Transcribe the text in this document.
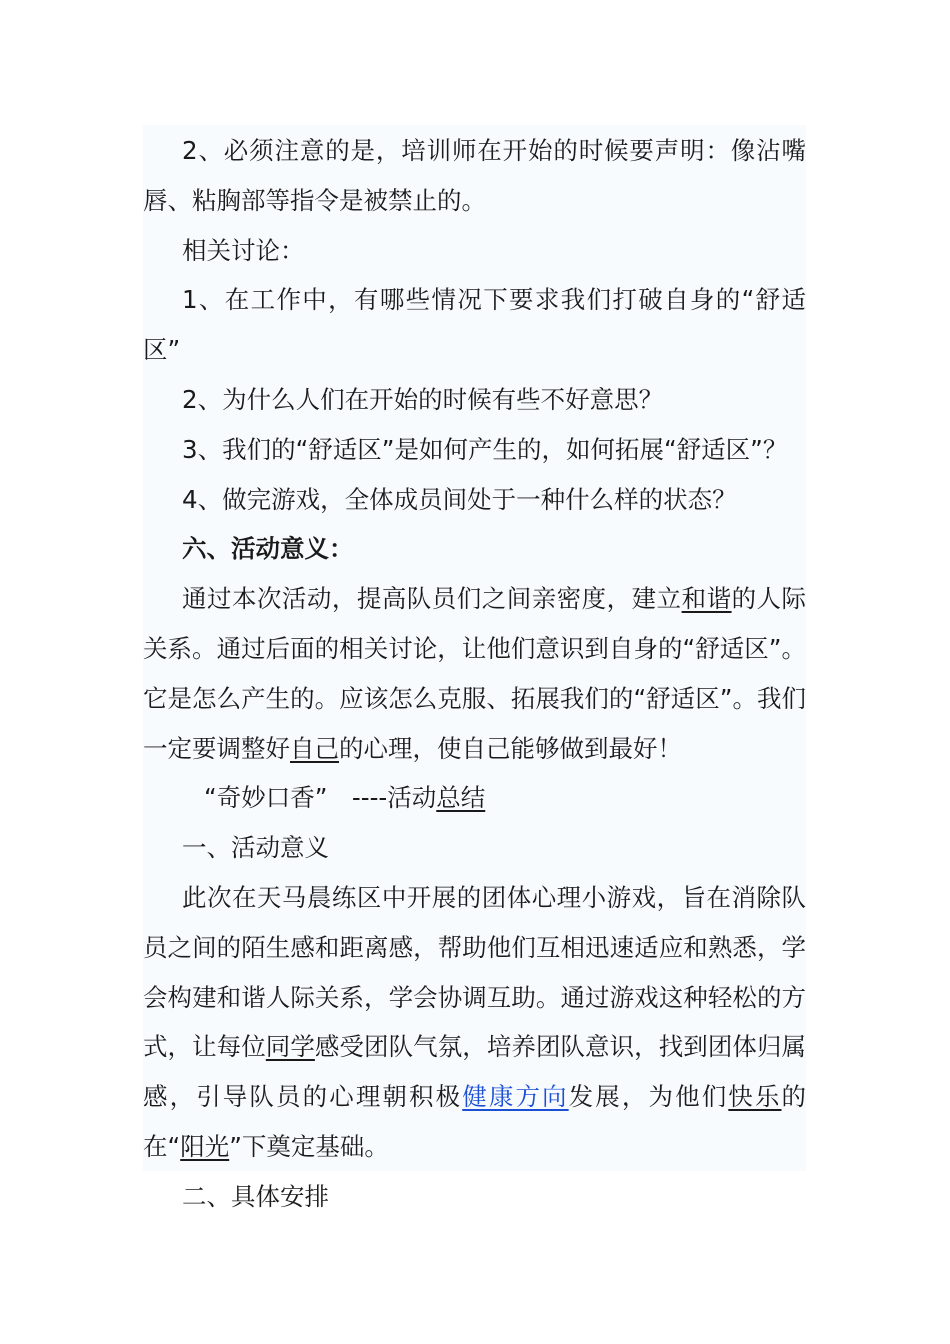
2、必须注意的是，培训师在开始的时候要声明：像沾嘴唇、粘胸部等指令是被禁止的。

相关讨论：

1、在工作中，有哪些情况下要求我们打破自身的“舒适区”

2、为什么人们在开始的时候有些不好意思？

3、我们的“舒适区”是如何产生的，如何拓展“舒适区”？

4、做完游戏，全体成员间处于一种什么样的状态？

六、活动意义：

通过本次活动，提高队员们之间亲密度，建立和谐的人际关系。通过后面的相关讨论，让他们意识到自身的“舒适区”。它是怎么产生的。应该怎么克服、拓展我们的“舒适区”。我们一定要调整好自己的心理，使自己能够做到最好！

“奇妙口香”　----活动总结

一、活动意义

此次在天马晨练区中开展的团体心理小游戏，旨在消除队员之间的陌生感和距离感，帮助他们互相迅速适应和熟悉，学会构建和谐人际关系，学会协调互助。通过游戏这种轻松的方式，让每位同学感受团队气氛，培养团队意识，找到团体归属感，引导队员的心理朝积极健康方向发展，为他们快乐的在“阳光”下奠定基础。

二、具体安排
